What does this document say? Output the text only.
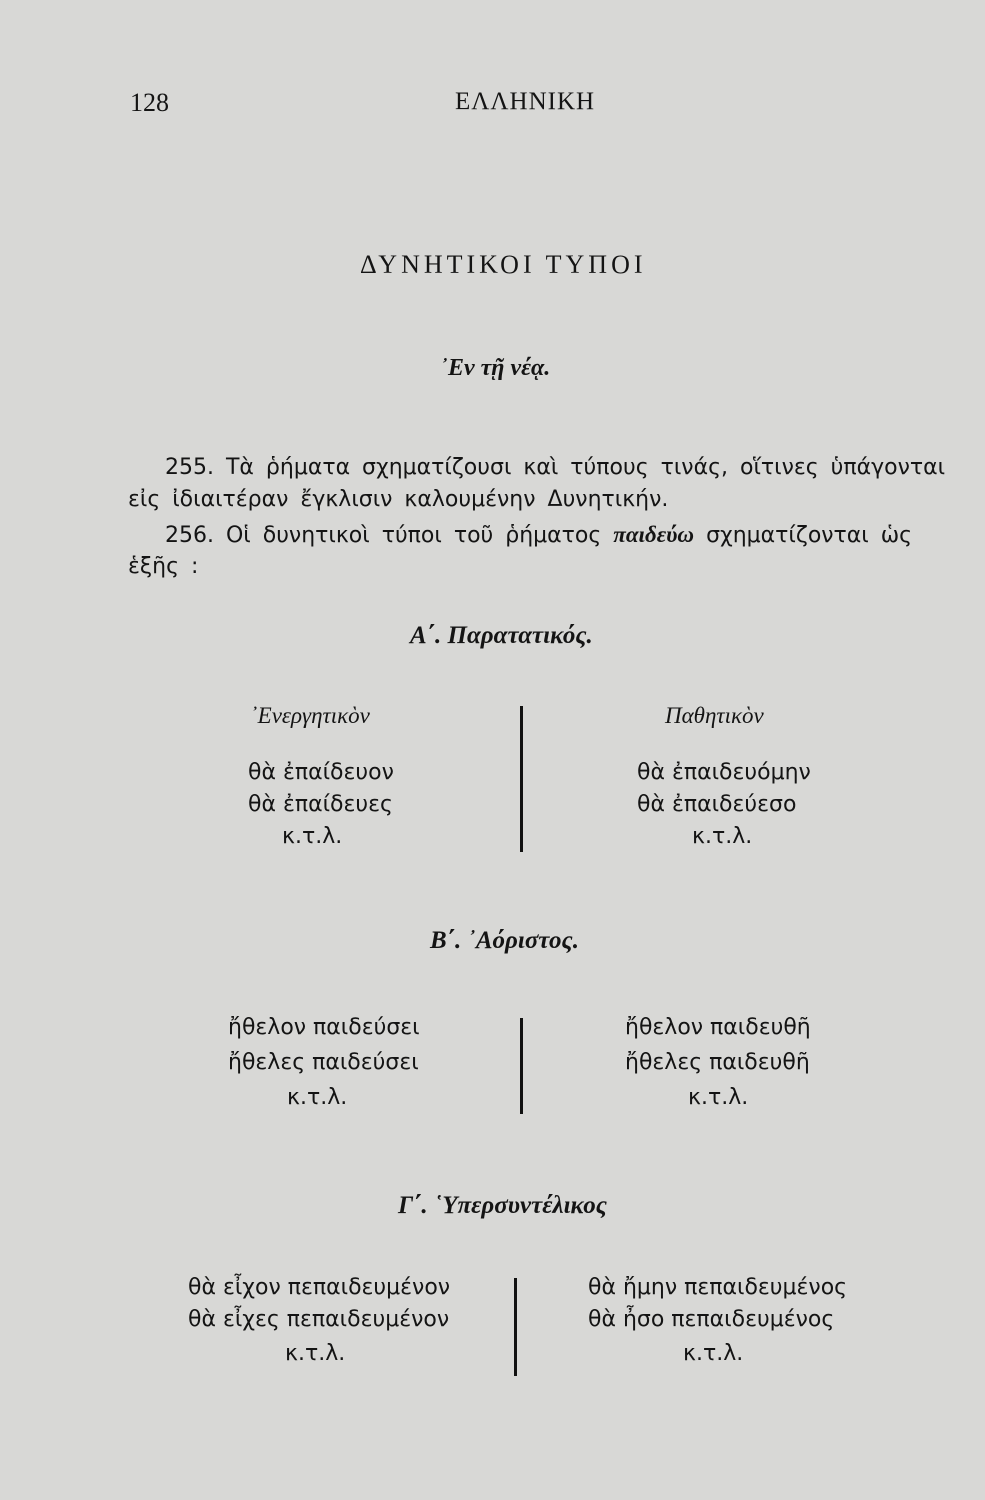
128	ΕΛΛΗΝΙΚΗ
ΔΥΝΗΤΙΚΟΙ ΤΥΠΟΙ
᾿Εν τῇ νέᾳ.
255. Τὰ ῥήματα σχηματίζουσι καὶ τύπους τινάς, οἵτινες ὑπάγονται
εἰς ἰδιαιτέραν ἔγκλισιν καλουμένην Δυνητικήν.
256. Οἱ δυνητικοὶ τύποι τοῦ ῥήματος παιδεύω σχηματίζονται ὡς
ἑξῆς :
Α΄. Παρατατικός.
᾿Ενεργητικὸν	Παθητικὸν
θὰ ἐπαίδευον
θὰ ἐπαίδευες
κ.τ.λ.
θὰ ἐπαιδευόμην
θὰ ἐπαιδεύεσο
κ.τ.λ.
Β΄. ᾿Αόριστος.
ἤθελον παιδεύσει
ἤθελες παιδεύσει
κ.τ.λ.
ἤθελον παιδευθῆ
ἤθελες παιδευθῆ
κ.τ.λ.
Γ΄. ῾Υπερσυντέλικος
θὰ εἶχον πεπαιδευμένον
θὰ εἶχες πεπαιδευμένον
κ.τ.λ.
θὰ ἤμην πεπαιδευμένος
θὰ ἦσο πεπαιδευμένος
κ.τ.λ.
